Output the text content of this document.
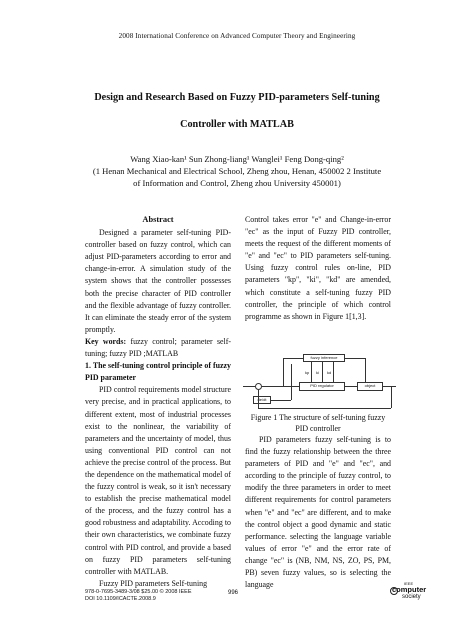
2008 International Conference on Advanced Computer Theory and Engineering
Design and Research Based on Fuzzy PID-parameters Self-tuning
Controller with MATLAB
Wang Xiao-kan¹ Sun Zhong-liang¹ Wanglei¹ Feng Dong-qing²
(1 Henan Mechanical and Electrical School, Zheng zhou, Henan, 450002 2 Institute
of Information and Control, Zheng zhou University 450001)

Abstract

Designed a parameter self-tuning PID-controller based on fuzzy control, which can adjust PID-parameters according to error and change-in-error. A simulation study of the system shows that the controller possesses both the precise character of PID controller and the flexible advantage of fuzzy controller. It can eliminate the steady error of the system promptly.

Key words: fuzzy control; parameter self-tuning; fuzzy PID ;MATLAB

1. The self-tuning control principle of fuzzy PID parameter

PID control requirements model structure very precise, and in practical applications, to different extent, most of industrial processes exist to the nonlinear, the variability of parameters and the uncertainty of model, thus using conventional PID control can not achieve the precise control of the process. But the dependence on the mathematical model of the fuzzy control is weak, so it isn't necessary to establish the precise mathematical model of the process, and the fuzzy control has a good robustness and adaptability. Accoding to their own characteristics, we combinate fuzzy control with PID control, and provide a based on fuzzy PID parameters self-tuning controller with MATLAB.

Fuzzy PID parameters Self-tuning

Control takes error "e" and Change-in-error "ec" as the input of Fuzzy PID controller, meets the request of the different moments of "e" and "ec" to PID parameters self-tuning. Using fuzzy control rules on-line, PID parameters "kp", "ki", "kd" are amended, which constitute a self-tuning fuzzy PID controller, the principle of which control programme as shown in Figure 1[1,3].

fuzzy inference
PID regulator	object
de/dt
kp ki kd
Figure 1 The structure of self-tuning fuzzy
PID controller

PID parameters fuzzy self-tuning is to find the fuzzy relationship between the three parameters of PID and "e" and "ec", and according to the principle of fuzzy control, to modify the three parameters in order to meet different requirements for control parameters when "e" and "ec" are different, and to make the control object a good dynamic and static performance. selecting the language variable values of error "e" and the error rate of change "ec" is (NB, NM, NS, ZO, PS, PM, PB) seven fuzzy values, so is selecting the language

978-0-7695-3489-3/08 $25.00 © 2008 IEEE
DOI 10.1109/ICACTE.2008.9
996
IEEE
computer
society
